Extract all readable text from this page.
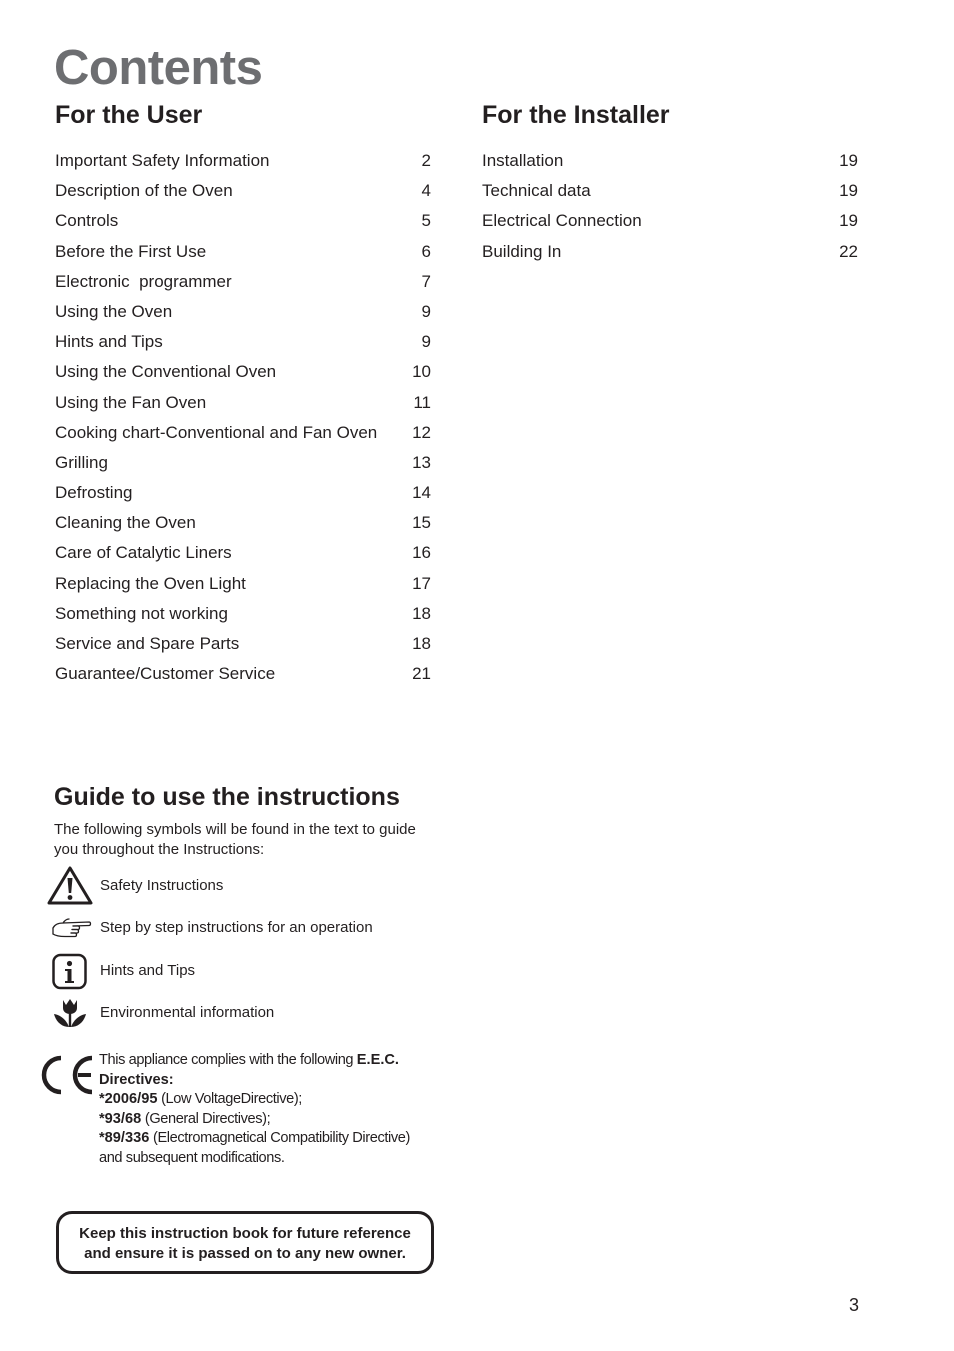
Contents
For the User
Important Safety Information	2
Description of the Oven	4
Controls	5
Before the First Use	6
Electronic  programmer	7
Using the Oven	9
Hints and Tips	9
Using the Conventional Oven	10
Using the Fan Oven	11
Cooking chart-Conventional and Fan Oven 12
Grilling	13
Defrosting	14
Cleaning the Oven	15
Care of Catalytic Liners	16
Replacing the Oven Light	17
Something not working	18
Service and Spare Parts	18
Guarantee/Customer Service	21
For the Installer
Installation	19
Technical data	19
Electrical Connection	19
Building In	22
Guide to use the instructions

The following symbols will be found in the text to guide you throughout the Instructions:

Safety Instructions
Step by step instructions for an operation
Hints and Tips
Environmental information

This appliance complies with the following E.E.C. Directives:
*2006/95 (Low VoltageDirective);
*93/68 (General Directives);
*89/336 (Electromagnetical Compatibility Directive)
and subsequent modifications.

Keep this instruction book for future reference
and ensure it is passed on to any new owner.
3
